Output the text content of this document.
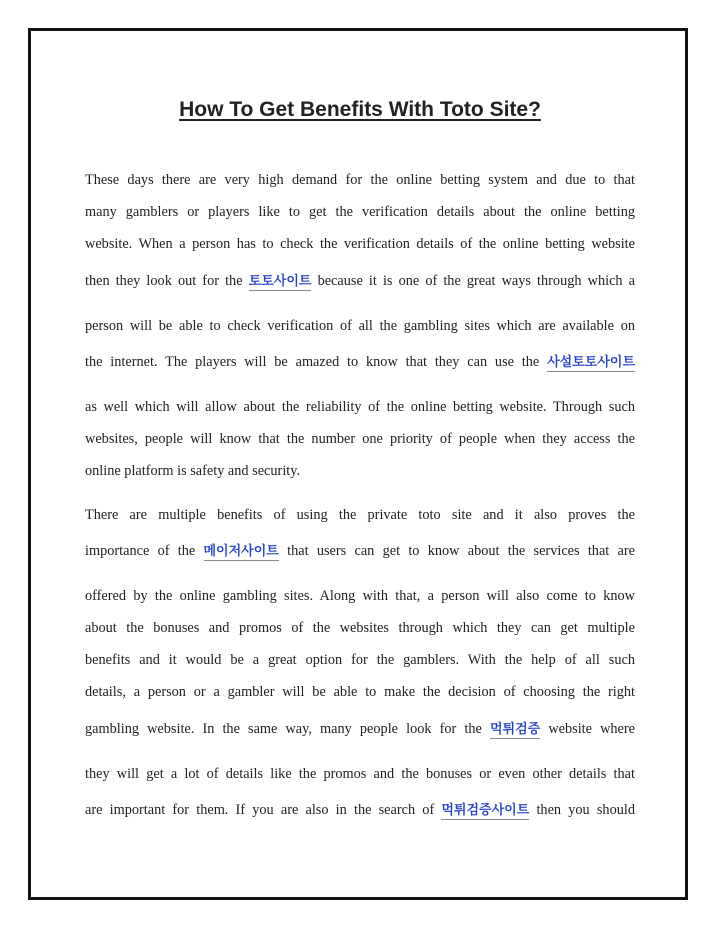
How To Get Benefits With Toto Site?
These days there are very high demand for the online betting system and due to that
many gamblers or players like to get the verification details about the online betting
website. When a person has to check the verification details of the online betting website
then they look out for the 토토사이트 because it is one of the great ways through which a
person will be able to check verification of all the gambling sites which are available on
the internet. The players will be amazed to know that they can use the 사설토토사이트
as well which will allow about the reliability of the online betting website. Through such
websites, people will know that the number one priority of people when they access the
online platform is safety and security.
There are multiple benefits of using the private toto site and it also proves the
importance of the 메이저사이트 that users can get to know about the services that are
offered by the online gambling sites. Along with that, a person will also come to know
about the bonuses and promos of the websites through which they can get multiple
benefits and it would be a great option for the gamblers. With the help of all such
details, a person or a gambler will be able to make the decision of choosing the right
gambling website. In the same way, many people look for the 먹튀검증 website where
they will get a lot of details like the promos and the bonuses or even other details that
are important for them. If you are also in the search of 먹튀검증사이트 then you should
